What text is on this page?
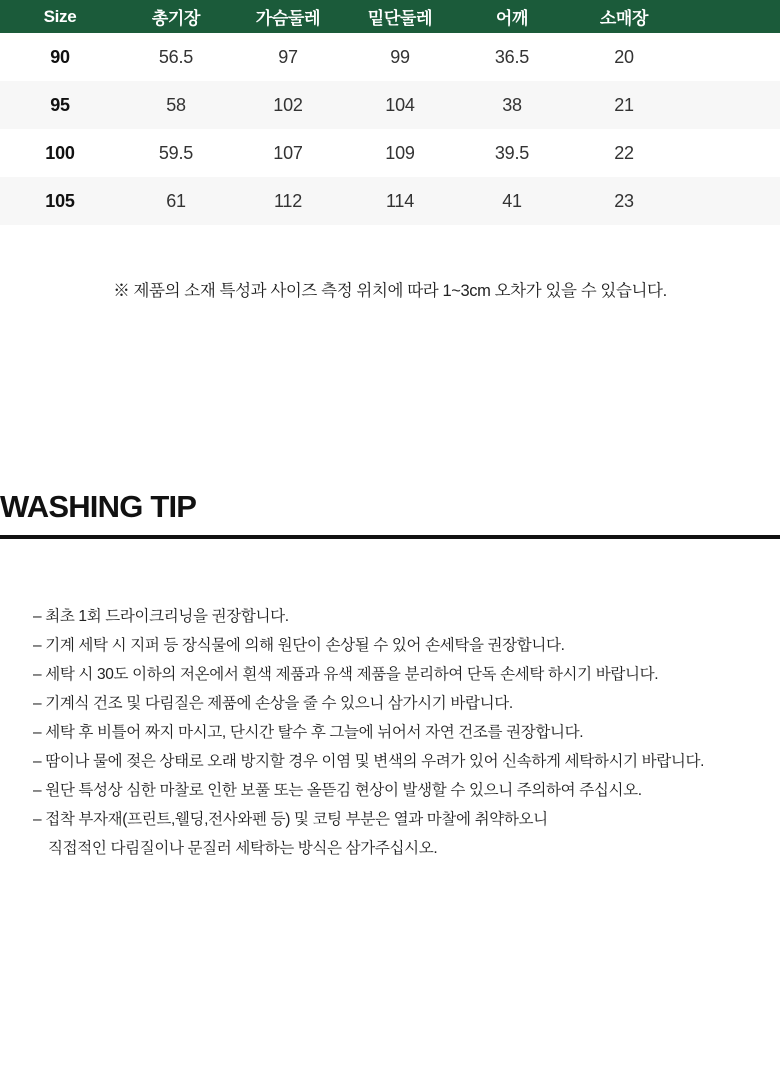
Size	총기장	가슴둘레	밑단둘레	어깨	소매장	
90	56.5	97	99	36.5	20	
95	58	102	104	38	21	
100	59.5	107	109	39.5	22	
105	61	112	114	41	23	
※ 제품의 소재 특성과 사이즈 측정 위치에 따라 1~3cm 오차가 있을 수 있습니다.
WASHING TIP
– 최초 1회 드라이크리닝을 권장합니다.
– 기계 세탁 시 지퍼 등 장식물에 의해 원단이 손상될 수 있어 손세탁을 권장합니다.
– 세탁 시 30도 이하의 저온에서 흰색 제품과 유색 제품을 분리하여 단독 손세탁 하시기 바랍니다.
– 기계식 건조 및 다림질은 제품에 손상을 줄 수 있으니 삼가시기 바랍니다.
– 세탁 후 비틀어 짜지 마시고, 단시간 탈수 후 그늘에 뉘어서 자연 건조를 권장합니다.
– 땀이나 물에 젖은 상태로 오래 방지할 경우 이염 및 변색의 우려가 있어 신속하게 세탁하시기 바랍니다.
– 원단 특성상 심한 마찰로 인한 보풀 또는 올뜯김 현상이 발생할 수 있으니 주의하여 주십시오.
– 접착 부자재(프린트,웰딩,전사와펜 등) 및 코팅 부분은 열과 마찰에 취약하오니
직접적인 다림질이나 문질러 세탁하는 방식은 삼가주십시오.
